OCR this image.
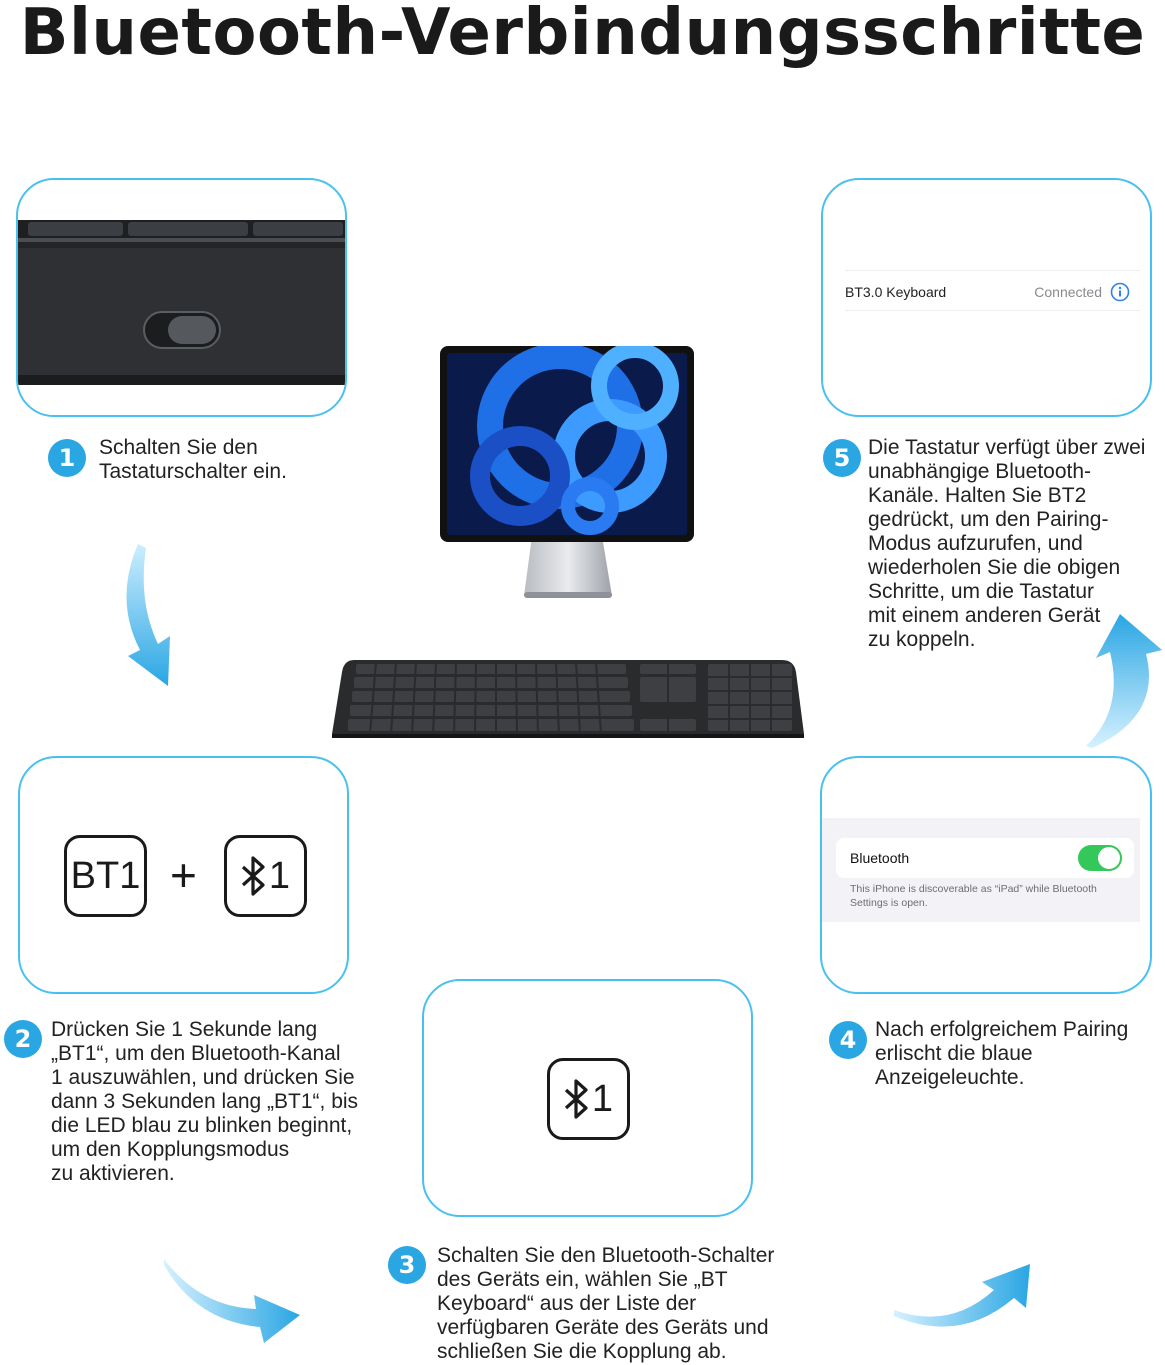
Bluetooth-Verbindungsschritte
1	Schalten Sie den
Tastaturschalter ein.

BT3.0 Keyboard	Connected
5 Die Tastatur verfügt über zwei
unabhängige Bluetooth-
Kanäle. Halten Sie BT2
gedrückt, um den Pairing-
Modus aufzurufen, und
wiederholen Sie die obigen
Schritte, um die Tastatur
mit einem anderen Gerät
zu koppeln.

BT1 + 1
2 Drücken Sie 1 Sekunde lang
„BT1“, um den Bluetooth-Kanal
1 auszuwählen, und drücken Sie
dann 3 Sekunden lang „BT1“, bis
die LED blau zu blinken beginnt,
um den Kopplungsmodus
zu aktivieren.

Bluetooth

This iPhone is discoverable as “iPad” while Bluetooth
Settings is open.

4 Nach erfolgreichem Pairing
erlischt die blaue
Anzeigeleuchte.

1
3	Schalten Sie den Bluetooth-Schalter
des Geräts ein, wählen Sie „BT
Keyboard“ aus der Liste der
verfügbaren Geräte des Geräts und
schließen Sie die Kopplung ab.
